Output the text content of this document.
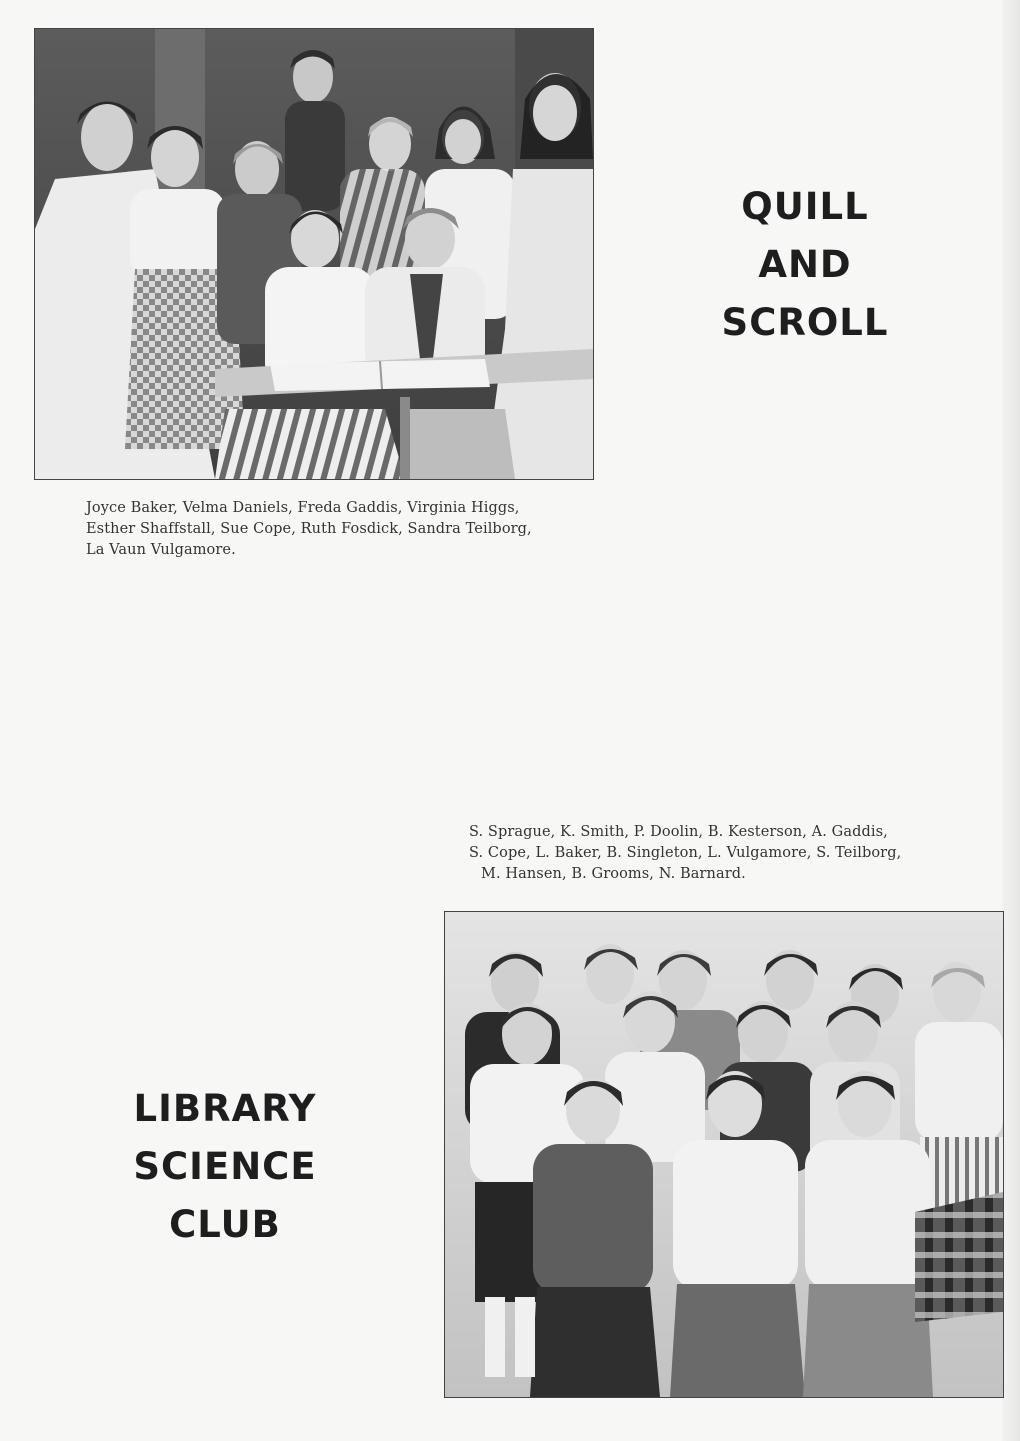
QUILL
AND
SCROLL
Joyce Baker, Velma Daniels, Freda Gaddis, Virginia Higgs,
Esther Shaffstall, Sue Cope, Ruth Fosdick, Sandra Teilborg,
La Vaun Vulgamore.
S. Sprague, K. Smith, P. Doolin, B. Kesterson, A. Gaddis,
S. Cope, L. Baker, B. Singleton, L. Vulgamore, S. Teilborg,
M. Hansen, B. Grooms, N. Barnard.
LIBRARY
SCIENCE
CLUB
